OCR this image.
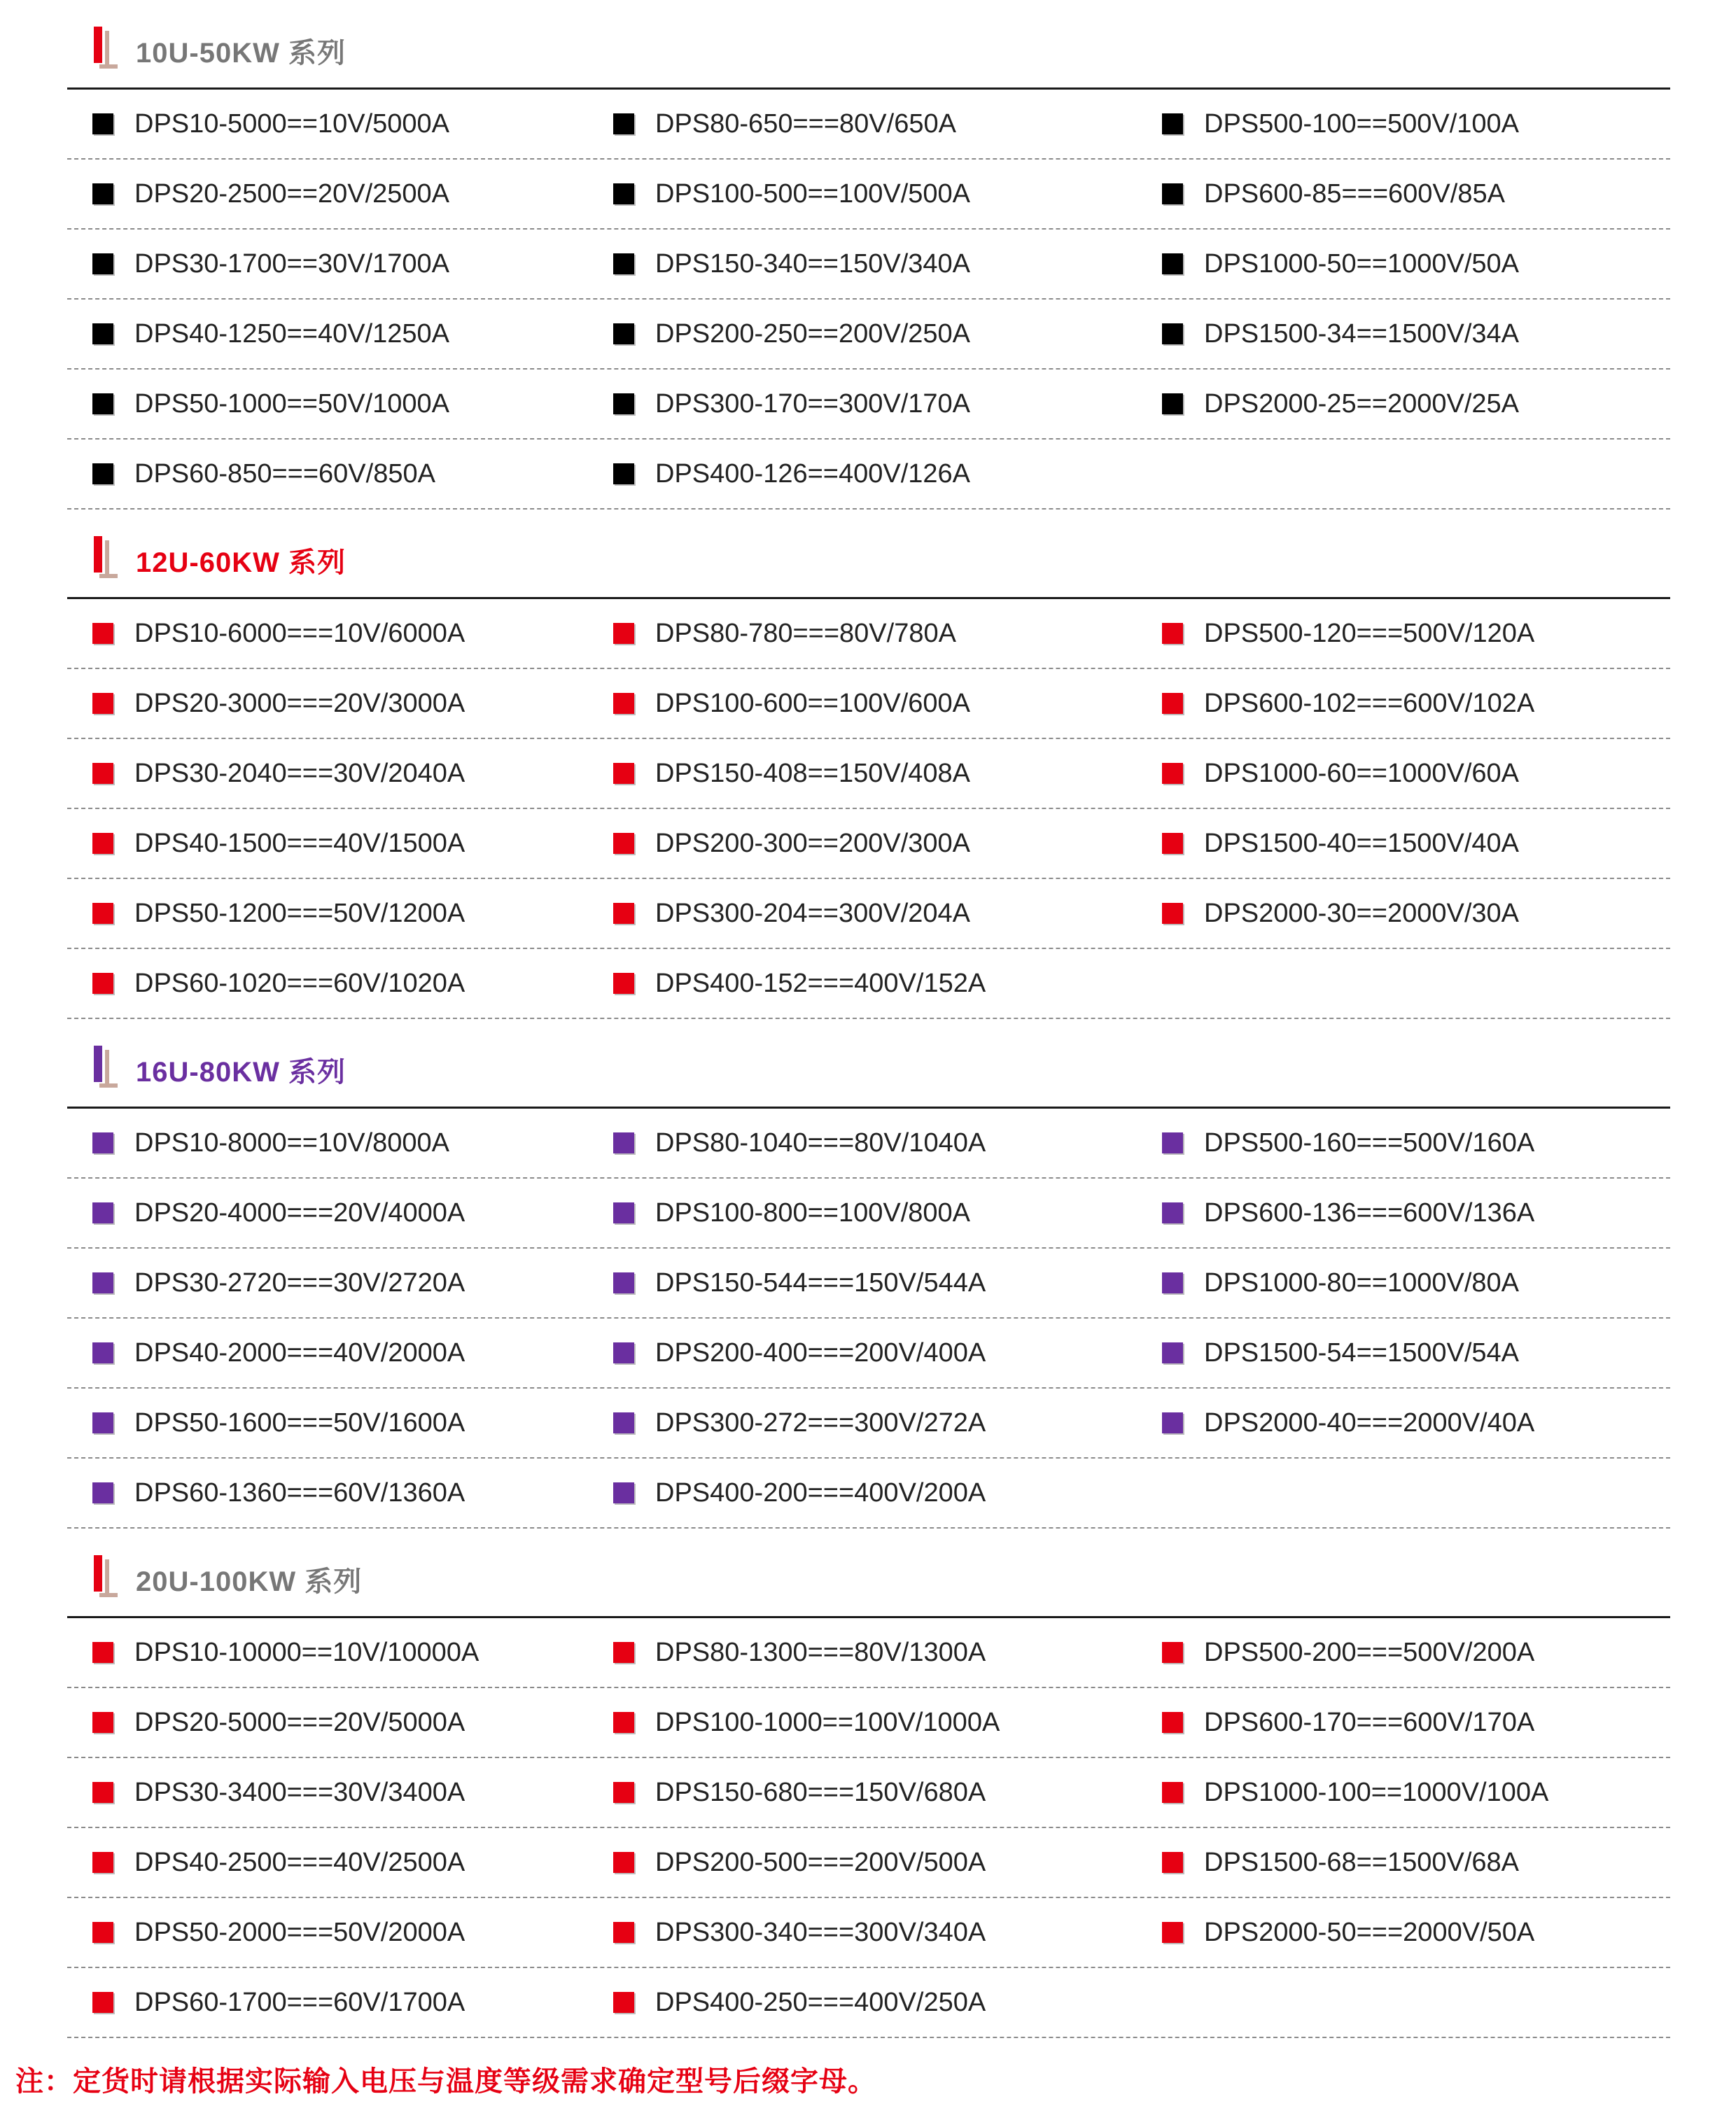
10U-50KW 系列
DPS10-5000==10V/5000A	DPS80-650===80V/650A	DPS500-100==500V/100A
DPS20-2500==20V/2500A	DPS100-500==100V/500A	DPS600-85===600V/85A
DPS30-1700==30V/1700A	DPS150-340==150V/340A	DPS1000-50==1000V/50A
DPS40-1250==40V/1250A	DPS200-250==200V/250A	DPS1500-34==1500V/34A
DPS50-1000==50V/1000A	DPS300-170==300V/170A	DPS2000-25==2000V/25A
DPS60-850===60V/850A	DPS400-126==400V/126A
12U-60KW 系列
DPS10-6000===10V/6000A	DPS80-780===80V/780A	DPS500-120===500V/120A
DPS20-3000===20V/3000A	DPS100-600==100V/600A	DPS600-102===600V/102A
DPS30-2040===30V/2040A	DPS150-408==150V/408A	DPS1000-60==1000V/60A
DPS40-1500===40V/1500A	DPS200-300==200V/300A	DPS1500-40==1500V/40A
DPS50-1200===50V/1200A	DPS300-204==300V/204A	DPS2000-30==2000V/30A
DPS60-1020===60V/1020A	DPS400-152===400V/152A
16U-80KW 系列
DPS10-8000==10V/8000A	DPS80-1040===80V/1040A	DPS500-160===500V/160A
DPS20-4000===20V/4000A	DPS100-800==100V/800A	DPS600-136===600V/136A
DPS30-2720===30V/2720A	DPS150-544===150V/544A	DPS1000-80==1000V/80A
DPS40-2000===40V/2000A	DPS200-400===200V/400A	DPS1500-54==1500V/54A
DPS50-1600===50V/1600A	DPS300-272===300V/272A	DPS2000-40===2000V/40A
DPS60-1360===60V/1360A	DPS400-200===400V/200A
20U-100KW 系列
DPS10-10000==10V/10000A	DPS80-1300===80V/1300A	DPS500-200===500V/200A
DPS20-5000===20V/5000A	DPS100-1000==100V/1000A	DPS600-170===600V/170A
DPS30-3400===30V/3400A	DPS150-680===150V/680A	DPS1000-100==1000V/100A
DPS40-2500===40V/2500A	DPS200-500===200V/500A	DPS1500-68==1500V/68A
DPS50-2000===50V/2000A	DPS300-340===300V/340A	DPS2000-50===2000V/50A
DPS60-1700===60V/1700A	DPS400-250===400V/250A
注：定货时请根据实际输入电压与温度等级需求确定型号后缀字母。
